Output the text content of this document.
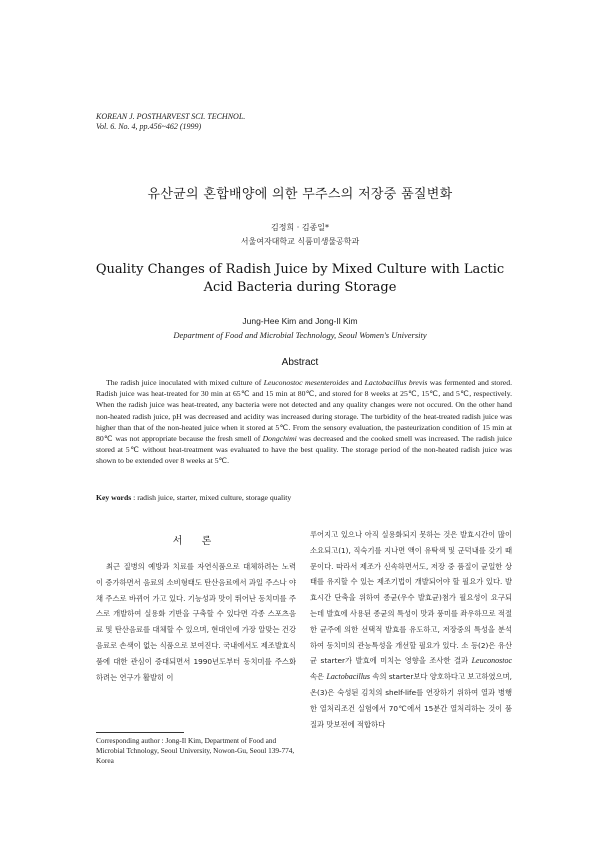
KOREAN J. POSTHARVEST SCI. TECHNOL.
Vol. 6. No. 4, pp.456~462 (1999)
유산균의 혼합배양에 의한 무주스의 저장중 품질변화
김정희 · 김종일*
서울여자대학교 식품미생물공학과
Quality Changes of Radish Juice by Mixed Culture with Lactic
Acid Bacteria during Storage
Jung-Hee Kim and Jong-Il Kim
Department of Food and Microbial Technology, Seoul Women's University
Abstract

The radish juice inoculated with mixed culture of Leuconostoc mesenteroides and Lactobacillus brevis was fermented and stored. Radish juice was heat-treated for 30 min at 65℃ and 15 min at 80℃, and stored for 8 weeks at 25℃, 15℃, and 5℃, respectively. When the radish juice was heat-treated, any bacteria were not detected and any quality changes were not occured. On the other hand non-heated radish juice, pH was decreased and acidity was increased during storage. The turbidity of the heat-treated radish juice was higher than that of the non-heated juice when it stored at 5℃. From the sensory evaluation, the pasteurization condition of 15 min at 80℃ was not appropriate because the fresh smell of Dongchimi was decreased and the cooked smell was increased. The radish juice stored at 5℃ without heat-treatment was evaluated to have the best quality. The storage period of the non-heated radish juice was shown to be extended over 8 weeks at 5℃.

Key words : radish juice, starter, mixed culture, storage quality
서 론

최근 질병의 예방과 치료를 자연식품으로 대체하려는 노력이 증가하면서 음료의 소비형태도 탄산음료에서 과일 주스나 야채 주스로 바뀌어 가고 있다. 기능성과 맛이 뛰어난 동치미를 주스로 개발하여 실용화 기반을 구축할 수 있다면 각종 스포츠음료 및 탄산음료를 대체할 수 있으며, 현대인에 가장 알맞는 건강음료로 손색이 없는 식품으로 보여진다. 국내에서도 제조발효식품에 대한 관심이 증대되면서 1990년도부터 동치미를 주스화 하려는 연구가 활발히 이

루어지고 있으나 아직 실용화되지 못하는 것은 발효시간이 많이 소요되고(1), 직숙기를 지나면 액이 유탁색 및 군덕내를 갖기 때문이다. 따라서 제조가 신속하면서도, 저장 중 품질이 균일한 상태를 유지할 수 있는 제조기법이 개발되어야 할 필요가 있다. 발효시간 단축을 위하여 종균(우수 발효균)첨가 필요성이 요구되는데 발효에 사용된 종균의 특성이 맛과 풍미를 좌우하므로 적절한 균주에 의한 선택적 발효를 유도하고, 저장중의 특성을 분석하여 동치미의 관능특성을 개선할 필요가 있다. 소 등(2)은 유산균 starter가 발효에 미치는 영향을 조사한 결과 Leuconostoc 속은 Lactobacillus 속의 starter보다 양호하다고 보고하였으며, 온(3)은 숙성된 김치의 shelf-life를 연장하기 위하여 열과 병행한 열처리조건 실험에서 70℃에서 15분간 열처리하는 것이 품질과 맛보전에 적합하다

Corresponding author : Jong-Il Kim, Department of Food and Microbial Tchnology, Seoul University, Nowon-Gu, Seoul 139-774, Korea
